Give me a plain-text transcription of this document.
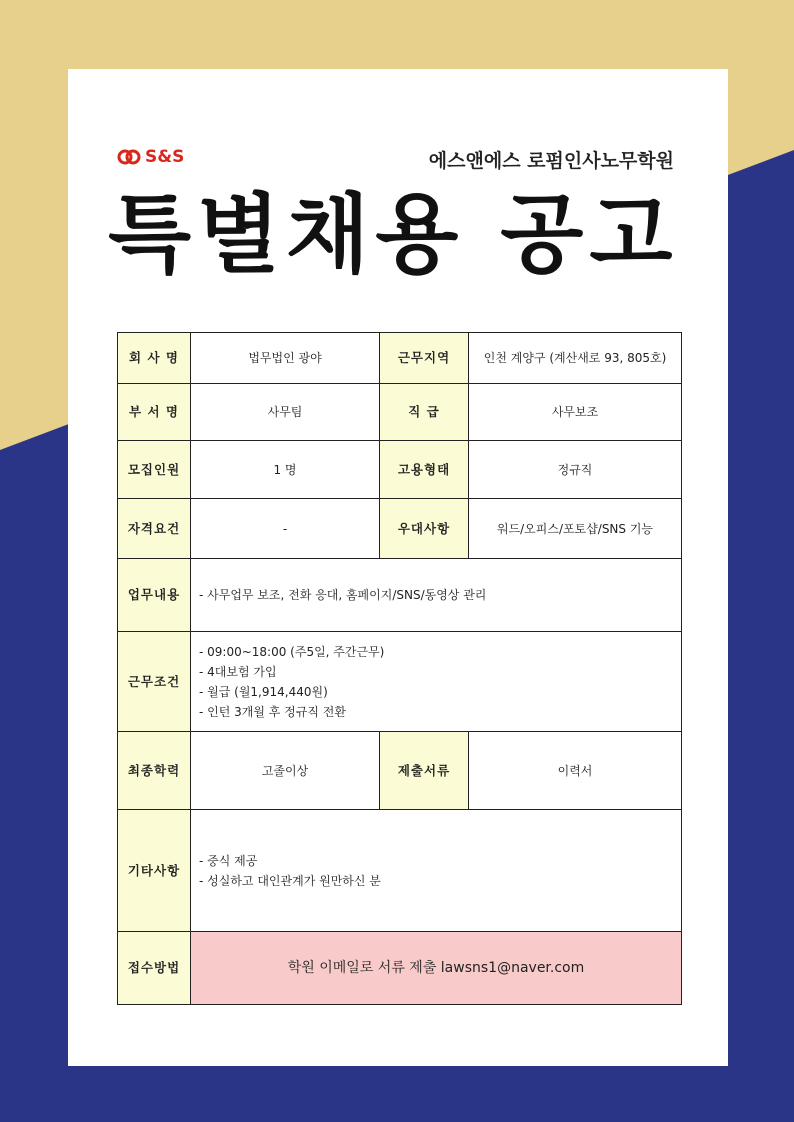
S&S	에스앤에스 로펌인사노무학원
특별채용 공고
회 사 명	법무법인 광야	근무지역	인천 계양구 (계산새로 93, 805호)
부 서 명	사무팀	직 급	사무보조
모집인원	1 명	고용형태	정규직
자격요건	-	우대사항	워드/오피스/포토샵/SNS 기능
업무내용	- 사무업무 보조, 전화 응대, 홈페이지/SNS/동영상 관리		
근무조건	- 09:00~18:00 (주5일, 주간근무)
- 4대보험 가입
- 월급 (월1,914,440원)
- 인턴 3개월 후 정규직 전환		

최종학력	고졸이상	제출서류	이력서
기타사항	- 중식 제공
- 성실하고 대인관계가 원만하신 분		

접수방법	학원 이메일로 서류 제출 lawsns1@naver.com		
